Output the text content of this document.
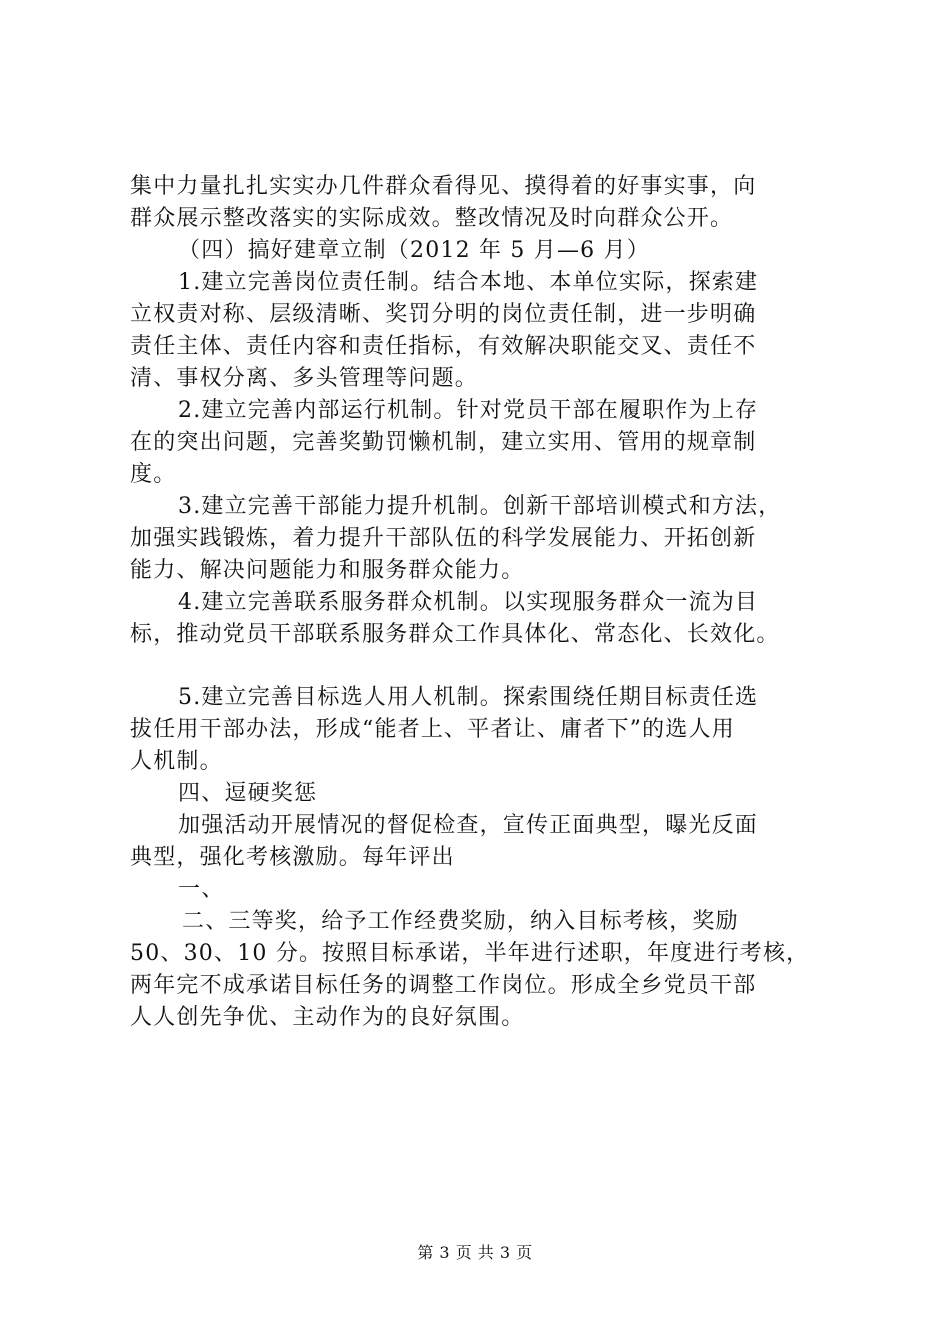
集中力量扎扎实实办几件群众看得见、摸得着的好事实事，向

群众展示整改落实的实际成效。整改情况及时向群众公开。

（四）搞好建章立制（2012 年 5 月—6 月）

1.建立完善岗位责任制。结合本地、本单位实际，探索建

立权责对称、层级清晰、奖罚分明的岗位责任制，进一步明确

责任主体、责任内容和责任指标，有效解决职能交叉、责任不

清、事权分离、多头管理等问题。

2.建立完善内部运行机制。针对党员干部在履职作为上存

在的突出问题，完善奖勤罚懒机制，建立实用、管用的规章制

度。

3.建立完善干部能力提升机制。创新干部培训模式和方法，

加强实践锻炼，着力提升干部队伍的科学发展能力、开拓创新

能力、解决问题能力和服务群众能力。

4.建立完善联系服务群众机制。以实现服务群众一流为目

标，推动党员干部联系服务群众工作具体化、常态化、长效化。

5.建立完善目标选人用人机制。探索围绕任期目标责任选

拔任用干部办法，形成“能者上、平者让、庸者下”的选人用

人机制。

四、逗硬奖惩

加强活动开展情况的督促检查，宣传正面典型，曝光反面

典型，强化考核激励。每年评出

一、

二、三等奖，给予工作经费奖励，纳入目标考核，奖励

50、30、10 分。按照目标承诺，半年进行述职，年度进行考核，

两年完不成承诺目标任务的调整工作岗位。形成全乡党员干部

人人创先争优、主动作为的良好氛围。

第 3 页 共 3 页
